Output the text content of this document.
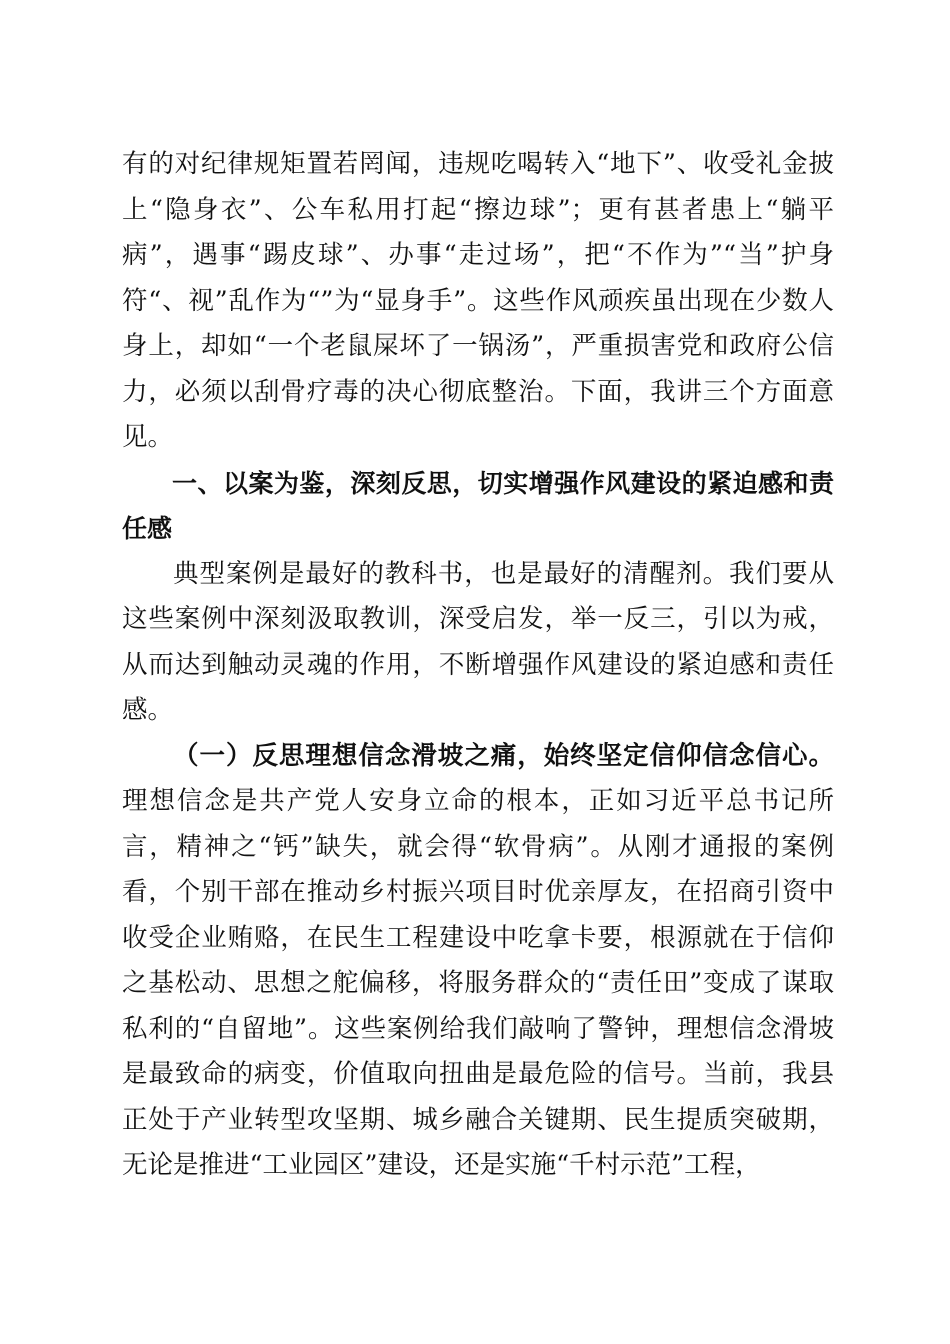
有的对纪律规矩置若罔闻，违规吃喝转入“地下”、收受礼金披上“隐身衣”、公车私用打起“擦边球”；更有甚者患上“躺平病”，遇事“踢皮球”、办事“走过场”，把“不作为”“当”护身符“、视”乱作为“”为“显身手”。这些作风顽疾虽出现在少数人身上，却如“一个老鼠屎坏了一锅汤”，严重损害党和政府公信力，必须以刮骨疗毒的决心彻底整治。下面，我讲三个方面意见。

一、以案为鉴，深刻反思，切实增强作风建设的紧迫感和责任感

典型案例是最好的教科书，也是最好的清醒剂。我们要从这些案例中深刻汲取教训，深受启发，举一反三，引以为戒，从而达到触动灵魂的作用，不断增强作风建设的紧迫感和责任感。

（一）反思理想信念滑坡之痛，始终坚定信仰信念信心。理想信念是共产党人安身立命的根本，正如习近平总书记所言，精神之“钙”缺失，就会得“软骨病”。从刚才通报的案例看，个别干部在推动乡村振兴项目时优亲厚友，在招商引资中收受企业贿赂，在民生工程建设中吃拿卡要，根源就在于信仰之基松动、思想之舵偏移，将服务群众的“责任田”变成了谋取私利的“自留地”。这些案例给我们敲响了警钟，理想信念滑坡是最致命的病变，价值取向扭曲是最危险的信号。当前，我县正处于产业转型攻坚期、城乡融合关键期、民生提质突破期，无论是推进“工业园区”建设，还是实施“千村示范”工程，
